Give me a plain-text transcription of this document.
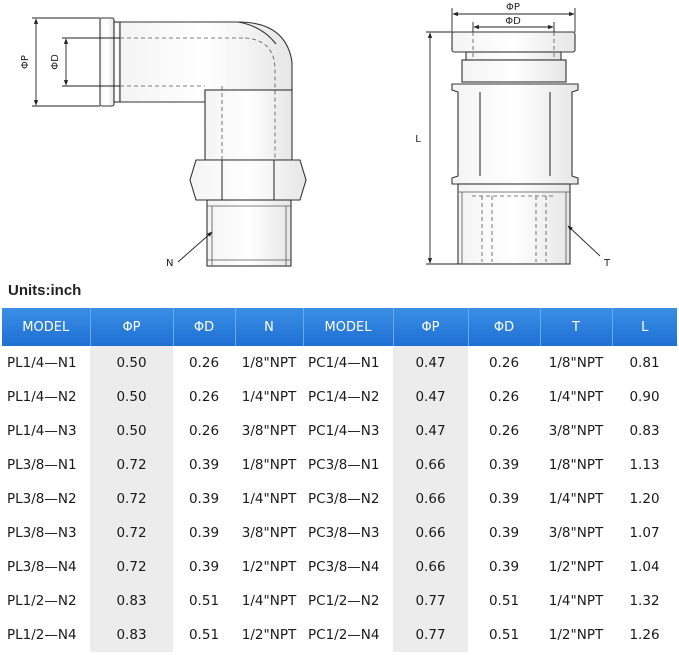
ΦP ΦD
N
ΦP
ΦD
L
T
Units:inch
MODEL	ΦP	ΦD	N	MODEL	ΦP	ΦD	T	L
PL1/4—N1	0.50	0.26	1/8"NPT	PC1/4—N1	0.47	0.26	1/8"NPT	0.81
PL1/4—N2	0.50	0.26	1/4"NPT	PC1/4—N2	0.47	0.26	1/4"NPT	0.90
PL1/4—N3	0.50	0.26	3/8"NPT	PC1/4—N3	0.47	0.26	3/8"NPT	0.83
PL3/8—N1	0.72	0.39	1/8"NPT	PC3/8—N1	0.66	0.39	1/8"NPT	1.13
PL3/8—N2	0.72	0.39	1/4"NPT	PC3/8—N2	0.66	0.39	1/4"NPT	1.20
PL3/8—N3	0.72	0.39	3/8"NPT	PC3/8—N3	0.66	0.39	3/8"NPT	1.07
PL3/8—N4	0.72	0.39	1/2"NPT	PC3/8—N4	0.66	0.39	1/2"NPT	1.04
PL1/2—N2	0.83	0.51	1/4"NPT	PC1/2—N2	0.77	0.51	1/4"NPT	1.32
PL1/2—N4	0.83	0.51	1/2"NPT	PC1/2—N4	0.77	0.51	1/2"NPT	1.26
